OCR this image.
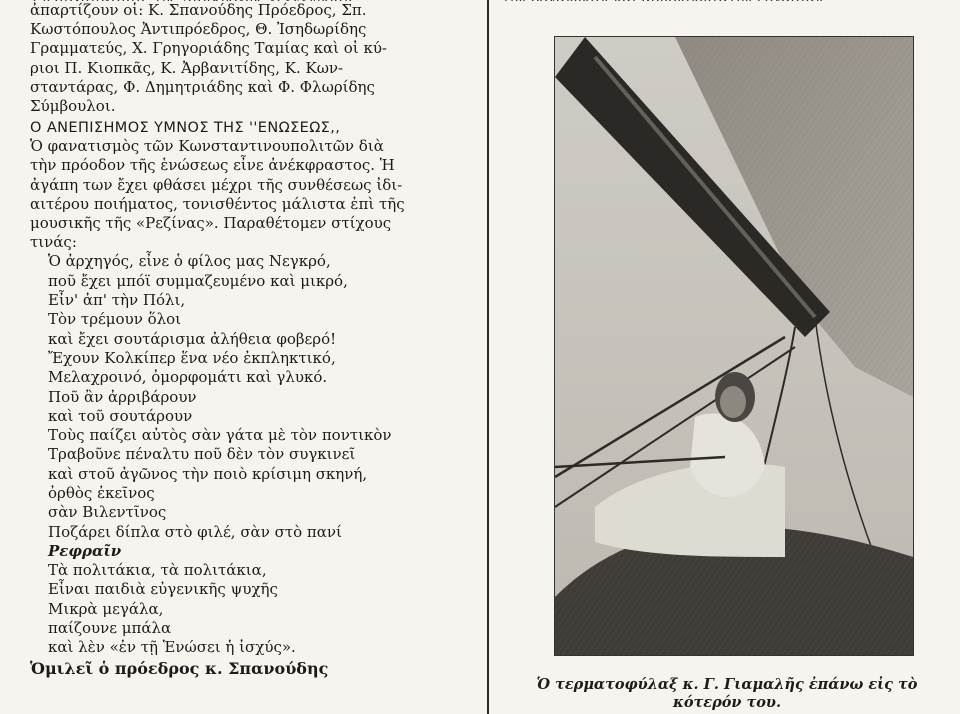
ἀπαρτίζουν οἱ: Κ. Σπανούδης Πρόεδρος, Σπ.
Κωστόπουλος Ἀντιπρόεδρος, Θ. Ἰσηδωρίδης
Γραμματεύς, Χ. Γρηγοριάδης Ταμίας καὶ οἱ κύ-
ριοι Π. Κιοπκᾶς, Κ. Ἀρβανιτίδης, Κ. Κων-
σταντάρας, Φ. Δημητριάδης καὶ Φ. Φλωρίδης
Σύμβουλοι.

Ο ΑΝΕΠΙΣΗΜΟΣ ΥΜΝΟΣ ΤΗΣ ''ΕΝΩΣΕΩΣ,,

Ὁ φανατισμὸς τῶν Κωνσταντινουπολιτῶν διὰ
τὴν πρόοδον τῆς ἑνώσεως εἶνε ἀνέκφραστος. Ἡ
ἀγάπη των ἔχει φθάσει μέχρι τῆς συνθέσεως ἰδι-
αιτέρου ποιήματος, τονισθέντος μάλιστα ἐπὶ τῆς
μουσικῆς τῆς «Ρεζίνας». Παραθέτομεν στίχους
τινάς:

Ὁ ἀρχηγός, εἶνε ὁ φίλος μας Νεγκρό,
ποῦ ἔχει μπόϊ συμμαζευμένο καὶ μικρό,
Εἶν' ἀπ' τὴν Πόλι,
Τὸν τρέμουν ὅλοι
καὶ ἔχει σουτάρισμα ἀλήθεια φοβερό!
Ἔχουν Κολκίπερ ἕνα νέο ἐκπληκτικό,
Μελαχροινό, ὀμορφομάτι καὶ γλυκό.
Ποῦ ἂν ἀρριβάρουν
καὶ τοῦ σουτάρουν
Τοὺς παίζει αὐτὸς σὰν γάτα μὲ τὸν ποντικὸν
Τραβοῦνε πέναλτυ ποῦ δὲν τὸν συγκινεῖ
καὶ στοῦ ἀγῶνος τὴν ποιὸ κρίσιμη σκηνή,
ὀρθὸς ἐκεῖνος
σὰν Βιλεντῖνος
Ποζάρει δίπλα στὸ φιλέ, σὰν στὸ πανί
Ρεφραῖν
Τὰ πολιτάκια, τὰ πολιτάκια,
Εἶναι παιδιὰ εὐγενικῆς ψυχῆς
Μικρὰ μεγάλα,
παίζουνε μπάλα
καὶ λὲν «ἐν τῇ Ἑνώσει ἡ ἰσχύς».

Ὁμιλεῖ ὁ πρόεδρος κ. Σπανούδης
Ὁ τερματοφύλαξ κ. Γ. Γιαμαλῆς ἐπάνω εἰς τὸ
κότερόν του.
